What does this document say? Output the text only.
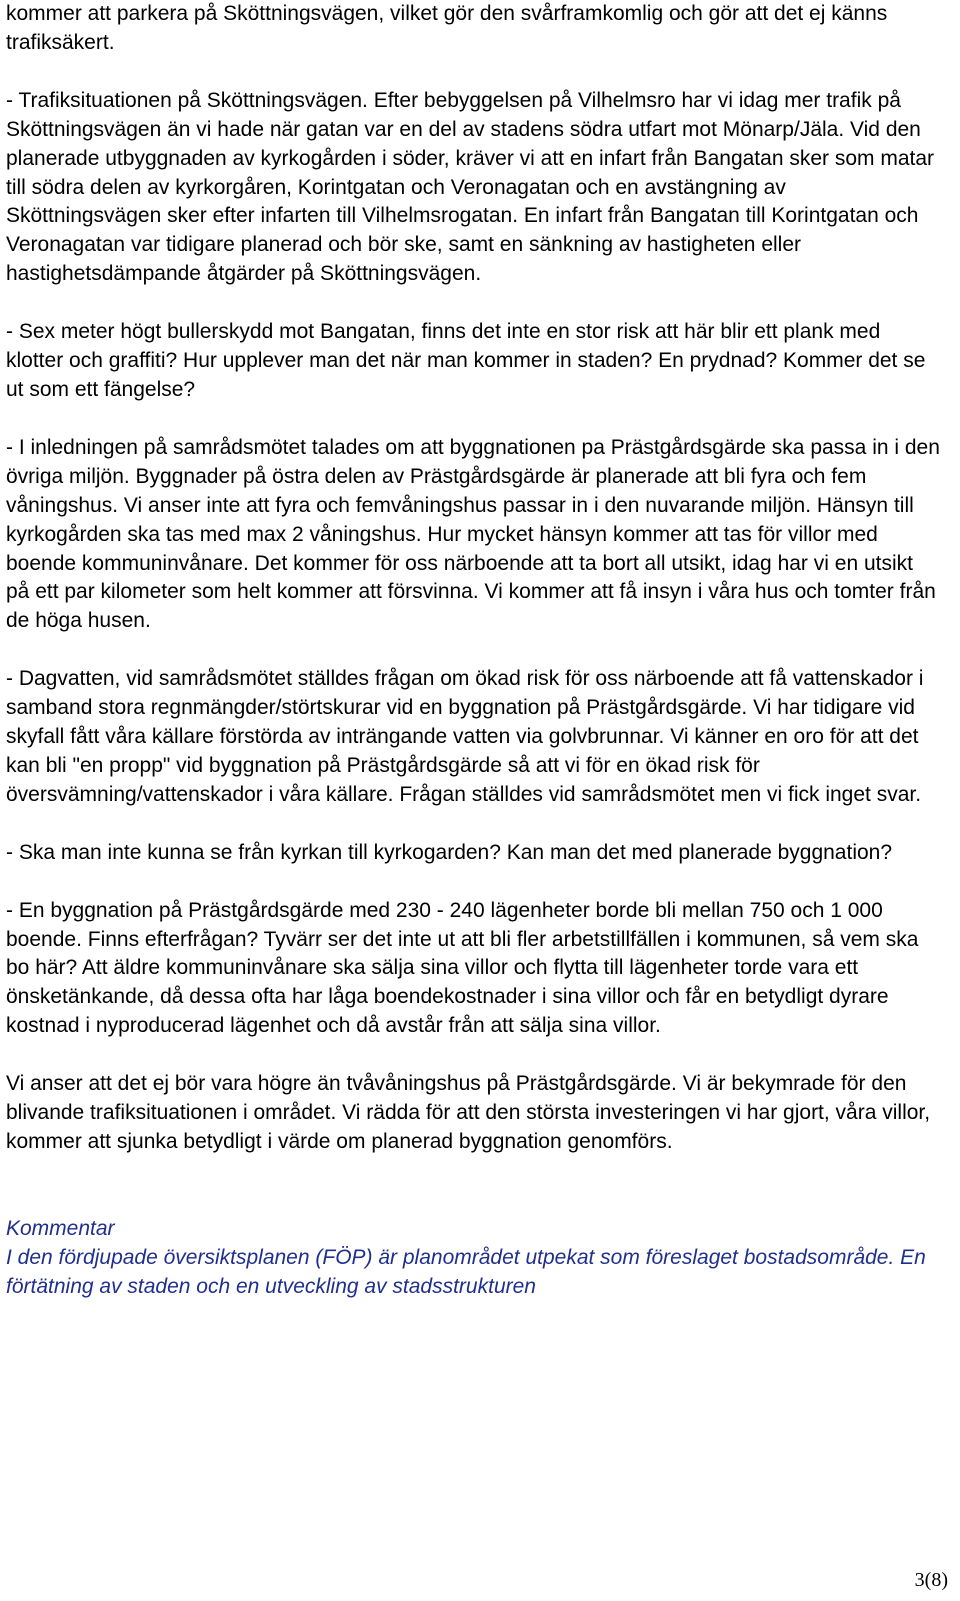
kommer att parkera på Sköttningsvägen, vilket gör den svårframkomlig och gör att det ej känns trafiksäkert.

- Trafiksituationen på Sköttningsvägen. Efter bebyggelsen på Vilhelmsro har vi idag mer trafik på Sköttningsvägen än vi hade när gatan var en del av stadens södra utfart mot Mönarp/Jäla. Vid den planerade utbyggnaden av kyrkogården i söder, kräver vi att en infart från Bangatan sker som matar till södra delen av kyrkorgåren, Korintgatan och Veronagatan och en avstängning av Sköttningsvägen sker efter infarten till Vilhelmsrogatan. En infart från Bangatan till Korintgatan och Veronagatan var tidigare planerad och bör ske, samt en sänkning av hastigheten eller hastighetsdämpande åtgärder på Sköttningsvägen.

- Sex meter högt bullerskydd mot Bangatan, finns det inte en stor risk att här blir ett plank med klotter och graffiti? Hur upplever man det när man kommer in staden? En prydnad? Kommer det se ut som ett fängelse?

- I inledningen på samrådsmötet talades om att byggnationen pa Prästgårdsgärde ska passa in i den övriga miljön. Byggnader på östra delen av Prästgårdsgärde är planerade att bli fyra och fem våningshus. Vi anser inte att fyra och femvåningshus passar in i den nuvarande miljön. Hänsyn till kyrkogården ska tas med max 2 våningshus. Hur mycket hänsyn kommer att tas för villor med boende kommuninvånare. Det kommer för oss närboende att ta bort all utsikt, idag har vi en utsikt på ett par kilometer som helt kommer att försvinna. Vi kommer att få insyn i våra hus och tomter från de höga husen.

- Dagvatten, vid samrådsmötet ställdes frågan om ökad risk för oss närboende att få vattenskador i samband stora regnmängder/störtskurar vid en byggnation på Prästgårdsgärde. Vi har tidigare vid skyfall fått våra källare förstörda av inträngande vatten via golvbrunnar. Vi känner en oro för att det kan bli "en propp" vid byggnation på Prästgårdsgärde så att vi för en ökad risk för översvämning/vattenskador i våra källare. Frågan ställdes vid samrådsmötet men vi fick inget svar.

- Ska man inte kunna se från kyrkan till kyrkogarden? Kan man det med planerade byggnation?

- En byggnation på Prästgårdsgärde med 230 - 240 lägenheter borde bli mellan 750 och 1 000 boende. Finns efterfrågan? Tyvärr ser det inte ut att bli fler arbetstillfällen i kommunen, så vem ska bo här? Att äldre kommuninvånare ska sälja sina villor och flytta till lägenheter torde vara ett önsketänkande, då dessa ofta har låga boendekostnader i sina villor och får en betydligt dyrare kostnad i nyproducerad lägenhet och då avstår från att sälja sina villor.

Vi anser att det ej bör vara högre än tvåvåningshus på Prästgårdsgärde. Vi är bekymrade för den blivande trafiksituationen i området. Vi rädda för att den största investeringen vi har gjort, våra villor, kommer att sjunka betydligt i värde om planerad byggnation genomförs.

Kommentar

I den fördjupade översiktsplanen (FÖP) är planområdet utpekat som föreslaget bostadsområde. En förtätning av staden och en utveckling av stadsstrukturen

3(8)
